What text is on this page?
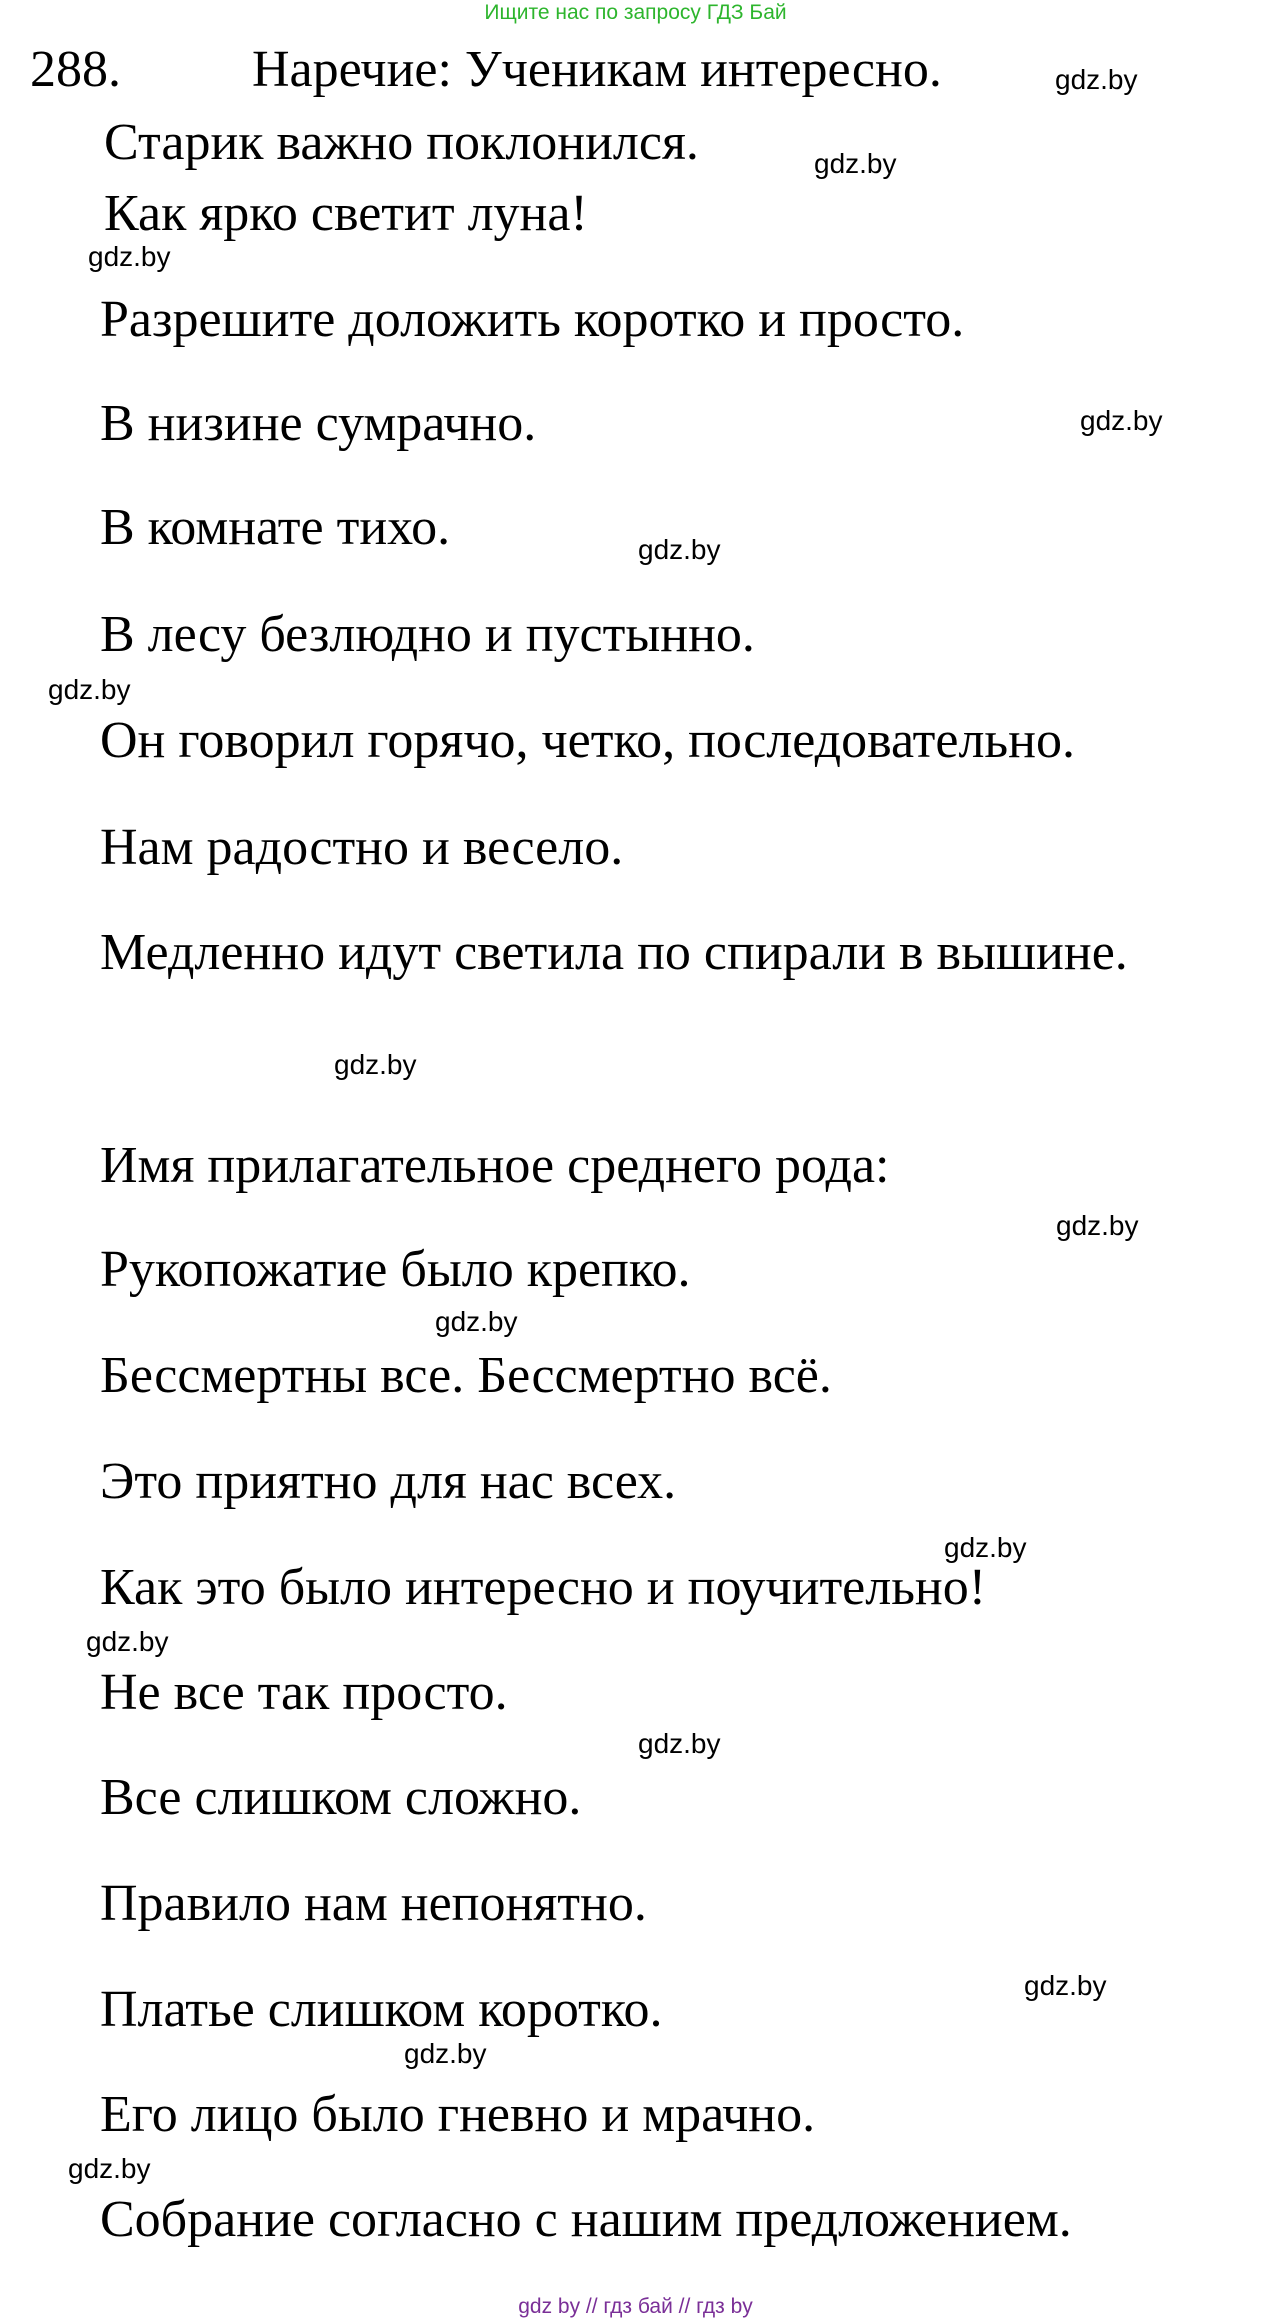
Ищите нас по запросу ГДЗ Бай
288.	Наречие: Ученикам интересно.
Старик важно поклонился.
Как ярко светит луна!
Разрешите доложить коротко и просто.
В низине сумрачно.
В комнате тихо.
В лесу безлюдно и пустынно.
Он говорил горячо, четко, последовательно.
Нам радостно и весело.
Медленно идут светила по спирали в вышине.
Имя прилагательное среднего рода:
Рукопожатие было крепко.
Бессмертны все. Бессмертно всё.
Это приятно для нас всех.
Как это было интересно и поучительно!
Не все так просто.
Все слишком сложно.
Правило нам непонятно.
Платье слишком коротко.
Его лицо было гневно и мрачно.
Собрание согласно с нашим предложением.
gdz.by
gdz.by
gdz.by
gdz.by
gdz.by
gdz.by
gdz.by
gdz.by
gdz.by
gdz.by
gdz.by
gdz.by
gdz.by
gdz.by
gdz.by
gdz by // гдз бай // гдз by
